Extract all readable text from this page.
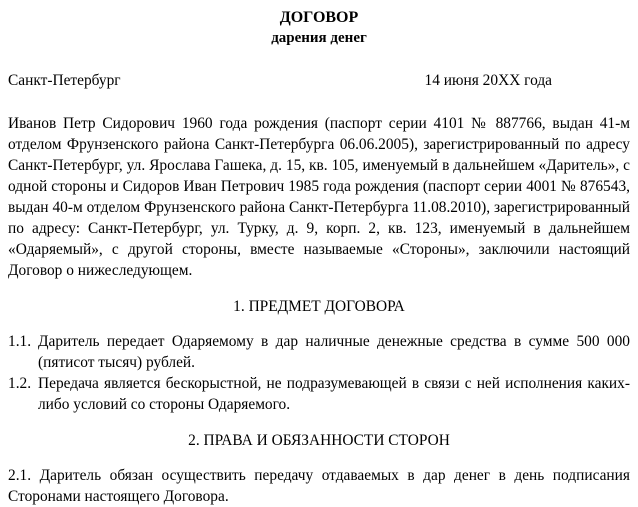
ДОГОВОР
дарения денег
Санкт-Петербург	14 июня 20ХХ года
Иванов Петр Сидорович 1960 года рождения (паспорт серии 4101 № 887766, выдан 41-м отделом Фрунзенского района Санкт-Петербурга 06.06.2005), зарегистрированный по адресу Санкт-Петербург, ул. Ярослава Гашека, д. 15, кв. 105, именуемый в дальнейшем «Даритель», с одной стороны и Сидоров Иван Петрович 1985 года рождения (паспорт серии 4001 № 876543, выдан 40-м отделом Фрунзенского района Санкт-Петербурга 11.08.2010), зарегистрированный по адресу: Санкт-Петербург, ул. Турку, д. 9, корп. 2, кв. 123, именуемый в дальнейшем «Одаряемый», с другой стороны, вместе называемые «Стороны», заключили настоящий Договор о нижеследующем.
1. ПРЕДМЕТ ДОГОВОРА
1.1. Даритель передает Одаряемому в дар наличные денежные средства в сумме 500 000 (пятисот тысяч) рублей.
1.2. Передача является бескорыстной, не подразумевающей в связи с ней исполнения каких-либо условий со стороны Одаряемого.
2. ПРАВА И ОБЯЗАННОСТИ СТОРОН
2.1. Даритель обязан осуществить передачу отдаваемых в дар денег в день подписания Сторонами настоящего Договора.
